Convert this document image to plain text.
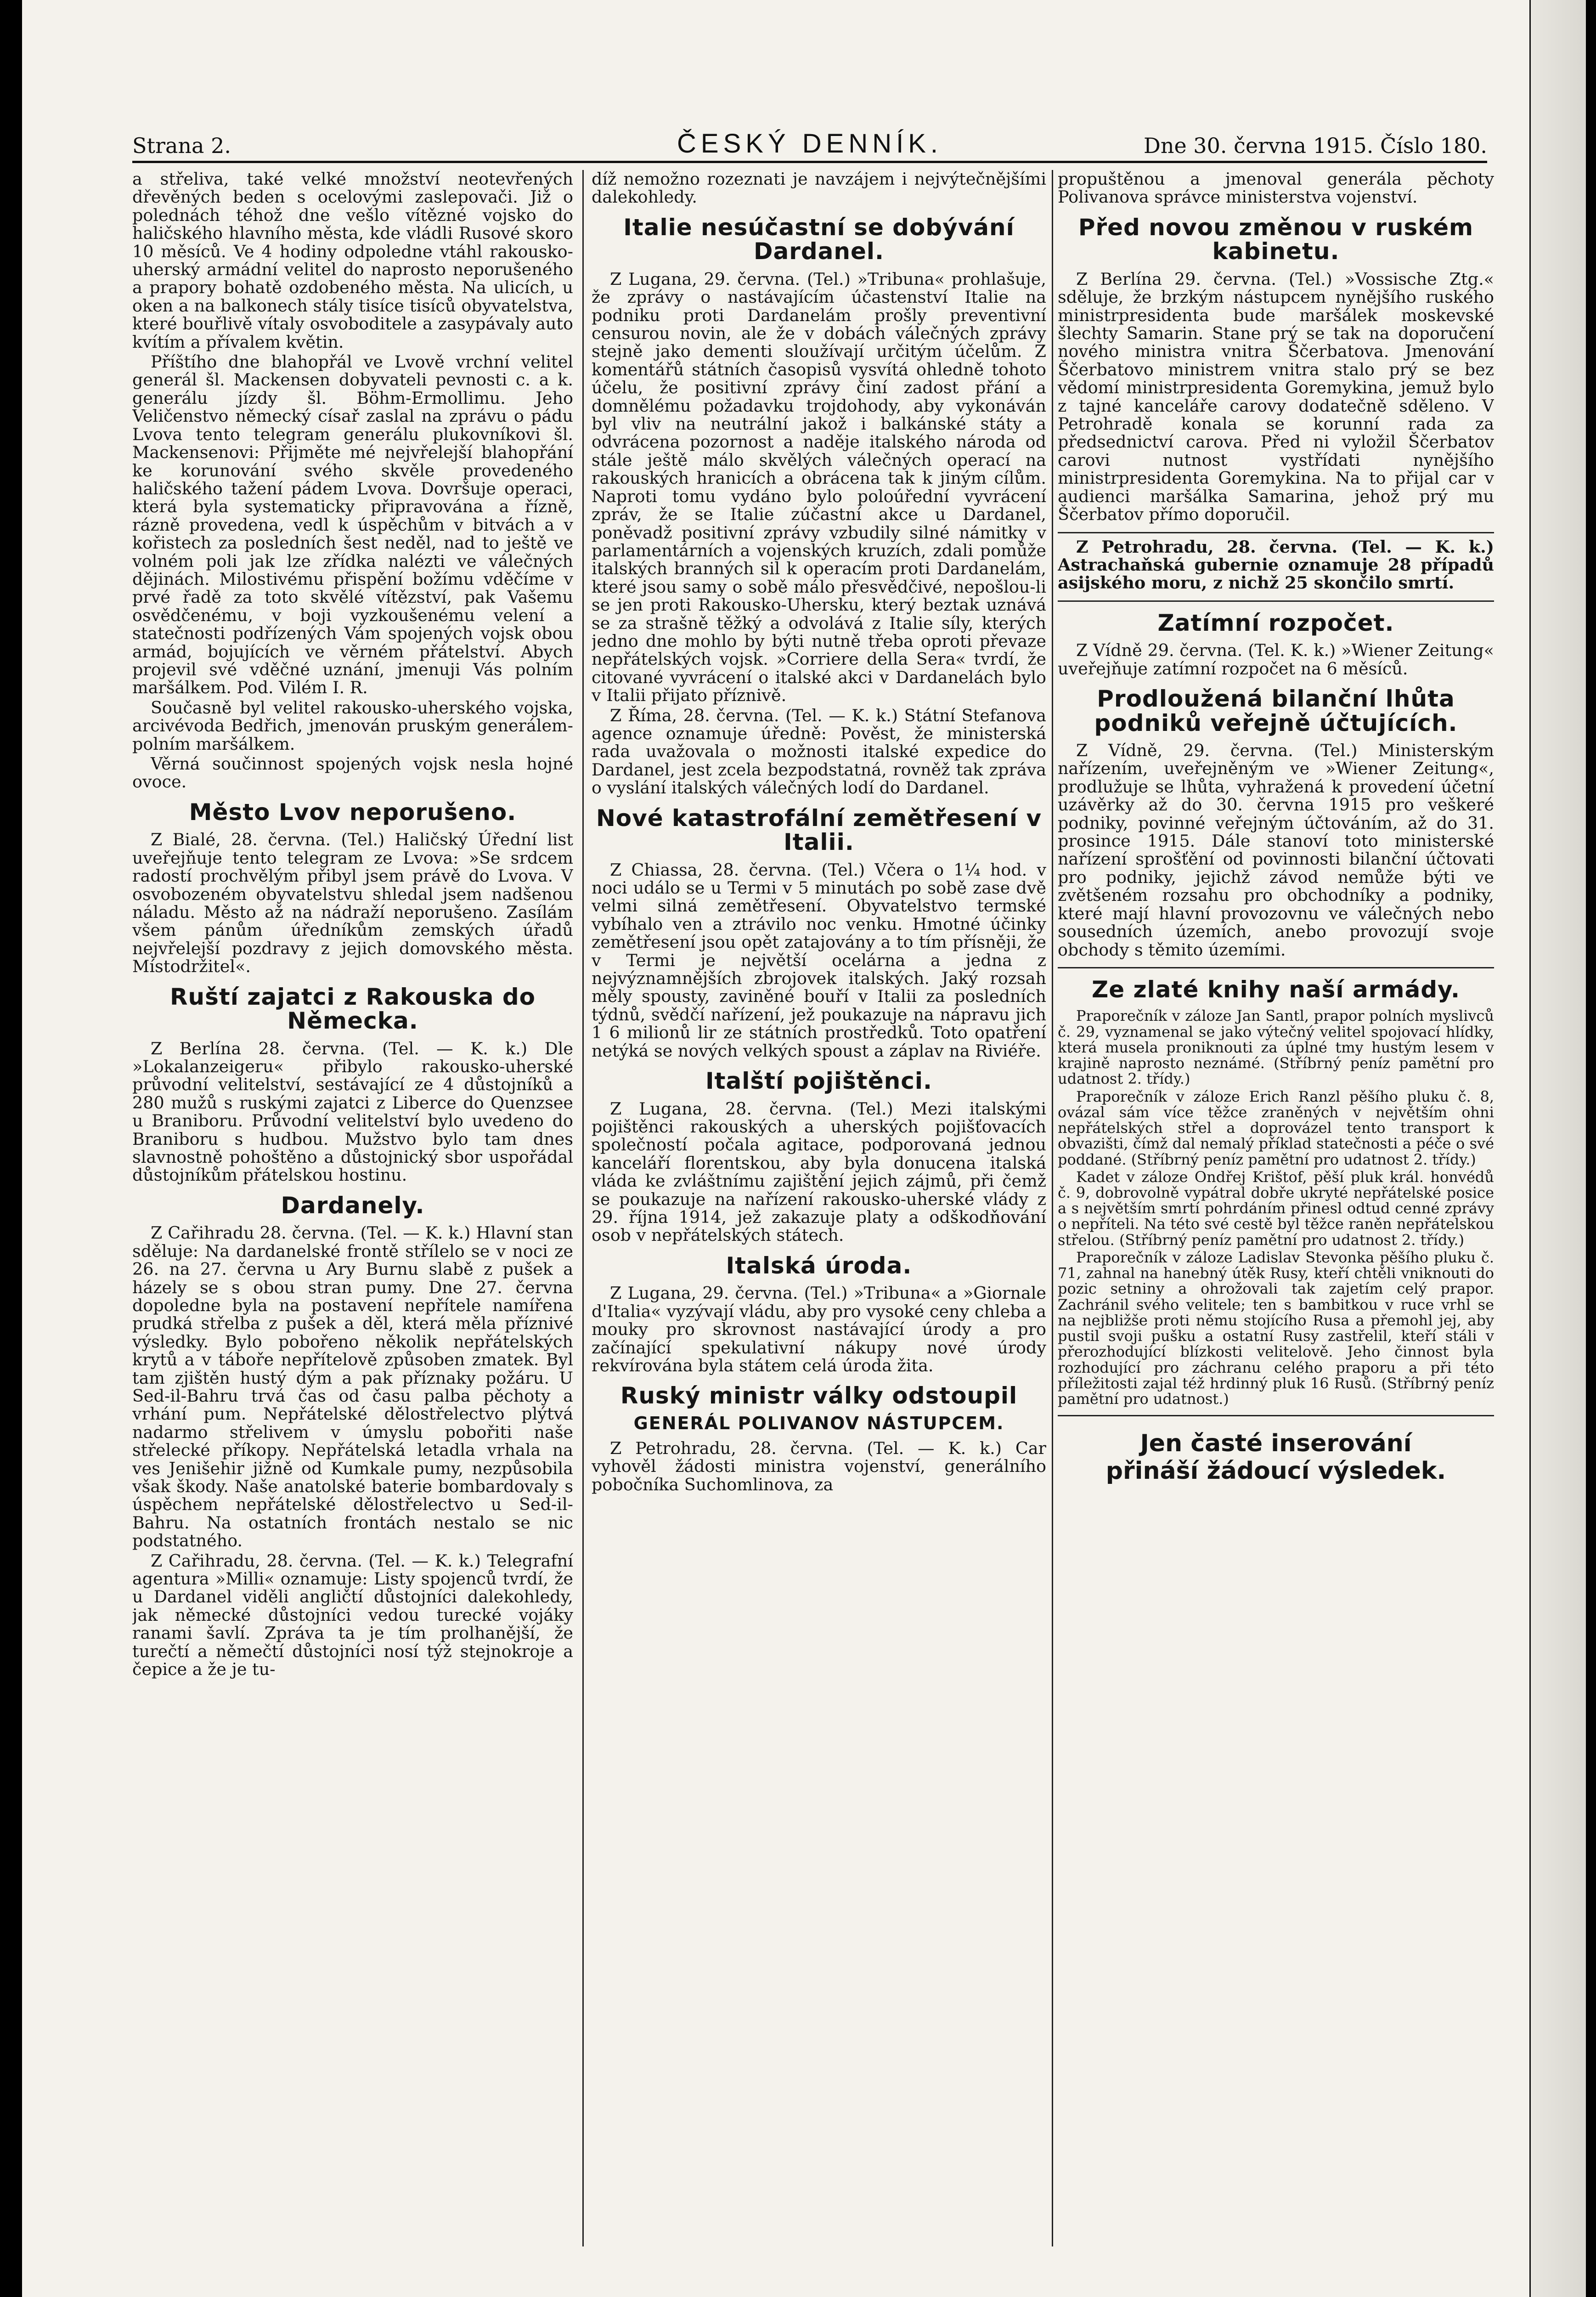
Strana 2.	ČESKÝ DENNÍK.	Dne 30. června 1915. Číslo 180.

a střeliva, také velké množství neotevřených dřevěných beden s ocelovými zaslepovači. Již o polednách téhož dne vešlo vítězné vojsko do haličského hlavního města, kde vládli Rusové skoro 10 měsíců. Ve 4 hodiny odpoledne vtáhl rakousko-uherský armádní velitel do naprosto neporušeného a prapory bohatě ozdobeného města. Na ulicích, u oken a na balkonech stály tisíce tisíců obyvatelstva, které bouřlivě vítaly osvoboditele a zasypávaly auto kvítím a přívalem květin.

Příštího dne blahopřál ve Lvově vrchní velitel generál šl. Mackensen dobyvateli pevnosti c. a k. generálu jízdy šl. Böhm-Ermollimu. Jeho Veličenstvo německý císař zaslal na zprávu o pádu Lvova tento telegram generálu plukovníkovi šl. Mackensenovi: Přijměte mé nejvřelejší blahopřání ke korunování svého skvěle provedeného haličského tažení pádem Lvova. Dovršuje operaci, která byla systematicky připravována a řízně, rázně provedena, vedl k úspěchům v bitvách a v kořistech za posledních šest neděl, nad to ještě ve volném poli jak lze zřídka nalézti ve válečných dějinách. Milostivému přispění božímu vděčíme v prvé řadě za toto skvělé vítězství, pak Vašemu osvědčenému, v boji vyzkoušenému velení a statečnosti podřízených Vám spojených vojsk obou armád, bojujících ve věrném přátelství. Abych projevil své vděčné uznání, jmenuji Vás polním maršálkem. Pod. Vilém I. R.

Současně byl velitel rakousko-uherského vojska, arcivévoda Bedřich, jmenován pruským generálem-polním maršálkem.

Věrná součinnost spojených vojsk nesla hojné ovoce.

Město Lvov neporušeno.

Z Bialé, 28. června. (Tel.) Haličský Úřední list uveřejňuje tento telegram ze Lvova: »Se srdcem radostí prochvělým přibyl jsem právě do Lvova. V osvobozeném obyvatelstvu shledal jsem nadšenou náladu. Město až na nádraží neporušeno. Zasílám všem pánům úředníkům zemských úřadů nejvřelejší pozdravy z jejich domovského města. Místodržitel«.

Ruští zajatci z Rakouska do Německa.

Z Berlína 28. června. (Tel. — K. k.) Dle »Lokalanzeigeru« přibylo rakousko-uherské průvodní velitelství, sestávající ze 4 důstojníků a 280 mužů s ruskými zajatci z Liberce do Quenzsee u Braniboru. Průvodní velitelství bylo uvedeno do Braniboru s hudbou. Mužstvo bylo tam dnes slavnostně pohoštěno a důstojnický sbor uspořádal důstojníkům přátelskou hostinu.

Dardanely.

Z Cařihradu 28. června. (Tel. — K. k.) Hlavní stan sděluje: Na dardanelské frontě střílelo se v noci ze 26. na 27. června u Ary Burnu slabě z pušek a házely se s obou stran pumy. Dne 27. června dopoledne byla na postavení nepřítele namířena prudká střelba z pušek a děl, která měla příznivé výsledky. Bylo pobořeno několik nepřátelských krytů a v táboře nepřítelově způsoben zmatek. Byl tam zjištěn hustý dým a pak příznaky požáru. U Sed-il-Bahru trvá čas od času palba pěchoty a vrhání pum. Nepřátelské dělostřelectvo plýtvá nadarmo střelivem v úmyslu pobořiti naše střelecké příkopy. Nepřátelská letadla vrhala na ves Jenišehir jižně od Kumkale pumy, nezpůsobila však škody. Naše anatolské baterie bombardovaly s úspěchem nepřátelské dělostřelectvo u Sed-il-Bahru. Na ostatních frontách nestalo se nic podstatného.

Z Cařihradu, 28. června. (Tel. — K. k.) Telegrafní agentura »Milli« oznamuje: Listy spojenců tvrdí, že u Dardanel viděli angličtí důstojníci dalekohledy, jak německé důstojníci vedou turecké vojáky ranami šavlí. Zpráva ta je tím prolhanější, že turečtí a němečtí důstojníci nosí týž stejnokroje a čepice a že je tu-

díž nemožno rozeznati je navzájem i nejvýtečnějšími dalekohledy.

Italie nesúčastní se dobývání Dardanel.

Z Lugana, 29. června. (Tel.) »Tribuna« prohlašuje, že zprávy o nastávajícím účastenství Italie na podniku proti Dardanelám prošly preventivní censurou novin, ale že v dobách válečných zprávy stejně jako dementi sloužívají určitým účelům. Z komentářů státních časopisů vysvítá ohledně tohoto účelu, že positivní zprávy činí zadost přání a domnělému požadavku trojdohody, aby vykonáván byl vliv na neutrální jakož i balkánské státy a odvrácena pozornost a naděje italského národa od stále ještě málo skvělých válečných operací na rakouských hranicích a obrácena tak k jiným cílům. Naproti tomu vydáno bylo poloúřední vyvrácení zpráv, že se Italie zúčastní akce u Dardanel, poněvadž positivní zprávy vzbudily silné námitky v parlamentárních a vojenských kruzích, zdali pomůže italských branných sil k operacím proti Dardanelám, které jsou samy o sobě málo přesvědčivé, nepošlou-li se jen proti Rakousko-Uhersku, který beztak uznává se za strašně těžký a odvolává z Italie síly, kterých jedno dne mohlo by býti nutně třeba oproti převaze nepřátelských vojsk. »Corriere della Sera« tvrdí, že citované vyvrácení o italské akci v Dardanelách bylo v Italii přijato příznivě.

Z Říma, 28. června. (Tel. — K. k.) Státní Stefanova agence oznamuje úředně: Pověst, že ministerská rada uvažovala o možnosti italské expedice do Dardanel, jest zcela bezpodstatná, rovněž tak zpráva o vyslání italských válečných lodí do Dardanel.

Nové katastrofální zemětřesení v Italii.

Z Chiassa, 28. června. (Tel.) Včera o 1¼ hod. v noci událo se u Termi v 5 minutách po sobě zase dvě velmi silná zemětřesení. Obyvatelstvo termské vybíhalo ven a ztrávilo noc venku. Hmotné účinky zemětřesení jsou opět zatajovány a to tím přísněji, že v Termi je největší ocelárna a jedna z nejvýznamnějších zbrojovek italských. Jaký rozsah měly spousty, zaviněné bouří v Italii za posledních týdnů, svědčí nařízení, jež poukazuje na nápravu jich 1 6 milionů lir ze státních prostředků. Toto opatření netýká se nových velkých spoust a záplav na Riviéře.

Italští pojištěnci.

Z Lugana, 28. června. (Tel.) Mezi italskými pojištěnci rakouských a uherských pojišťovacích společností počala agitace, podporovaná jednou kanceláří florentskou, aby byla donucena italská vláda ke zvláštnímu zajištění jejich zájmů, při čemž se poukazuje na nařízení rakousko-uherské vlády z 29. října 1914, jež zakazuje platy a odškodňování osob v nepřátelských státech.

Italská úroda.

Z Lugana, 29. června. (Tel.) »Tribuna« a »Giornale d'Italia« vyzývají vládu, aby pro vysoké ceny chleba a mouky pro skrovnost nastávající úrody a pro začínající spekulativní nákupy nové úrody rekvírována byla státem celá úroda žita.

Ruský ministr války odstoupil
GENERÁL POLIVANOV NÁSTUPCEM.

Z Petrohradu, 28. června. (Tel. — K. k.) Car vyhověl žádosti ministra vojenství, generálního pobočníka Suchomlinova, za

propuštěnou a jmenoval generála pěchoty Polivanova správce ministerstva vojenství.

Před novou změnou v ruském kabinetu.

Z Berlína 29. června. (Tel.) »Vossische Ztg.« sděluje, že brzkým nástupcem nynějšího ruského ministrpresidenta bude maršálek moskevské šlechty Samarin. Stane prý se tak na doporučení nového ministra vnitra Ščerbatova. Jmenování Ščerbatovo ministrem vnitra stalo prý se bez vědomí ministrpresidenta Goremykina, jemuž bylo z tajné kanceláře carovy dodatečně sděleno. V Petrohradě konala se korunní rada za předsednictví carova. Před ni vyložil Ščerbatov carovi nutnost vystřídati nynějšího ministrpresidenta Goremykina. Na to přijal car v audienci maršálka Samarina, jehož prý mu Ščerbatov přímo doporučil.

Z Petrohradu, 28. června. (Tel. — K. k.) Astrachaňská gubernie oznamuje 28 případů asijského moru, z nichž 25 skončilo smrtí.

Zatímní rozpočet.

Z Vídně 29. června. (Tel. K. k.) »Wiener Zeitung« uveřejňuje zatímní rozpočet na 6 měsíců.

Prodloužená bilanční lhůta podniků veřejně účtujících.

Z Vídně, 29. června. (Tel.) Ministerským nařízením, uveřejněným ve »Wiener Zeitung«, prodlužuje se lhůta, vyhražená k provedení účetní uzávěrky až do 30. června 1915 pro veškeré podniky, povinné veřejným účtováním, až do 31. prosince 1915. Dále stanoví toto ministerské nařízení sprošťění od povinnosti bilanční účtovati pro podniky, jejichž závod nemůže býti ve zvětšeném rozsahu pro obchodníky a podniky, které mají hlavní provozovnu ve válečných nebo sousedních územích, anebo provozují svoje obchody s těmito územími.

Ze zlaté knihy naší armády.

Praporečník v záloze Jan Santl, prapor polních myslivců č. 29, vyznamenal se jako výtečný velitel spojovací hlídky, která musela proniknouti za úplné tmy hustým lesem v krajině naprosto neznámé. (Stříbrný peníz pamětní pro udatnost 2. třídy.)

Praporečník v záloze Erich Ranzl pěšího pluku č. 8, ovázal sám více těžce zraněných v největším ohni nepřátelských střel a doprovázel tento transport k obvazišti, čímž dal nemalý příklad statečnosti a péče o své poddané. (Stříbrný peníz pamětní pro udatnost 2. třídy.)

Kadet v záloze Ondřej Krištof, pěší pluk král. honvédů č. 9, dobrovolně vypátral dobře ukryté nepřátelské posice a s největším smrtí pohrdáním přinesl odtud cenné zprávy o nepříteli. Na této své cestě byl těžce raněn nepřátelskou střelou. (Stříbrný peníz pamětní pro udatnost 2. třídy.)

Praporečník v záloze Ladislav Stevonka pěšího pluku č. 71, zahnal na hanebný útěk Rusy, kteří chtěli vniknouti do pozic setniny a ohrožovali tak zajetím celý prapor. Zachránil svého velitele; ten s bambitkou v ruce vrhl se na nejbližše proti němu stojícího Rusa a přemohl jej, aby pustil svoji pušku a ostatní Rusy zastřelil, kteří stáli v přerozhodující blízkosti velitelově. Jeho činnost byla rozhodující pro záchranu celého praporu a při této příležitosti zajal též hrdinný pluk 16 Rusů. (Stříbrný peníz pamětní pro udatnost.)

Jen časté inserování
přináší žádoucí výsledek.
